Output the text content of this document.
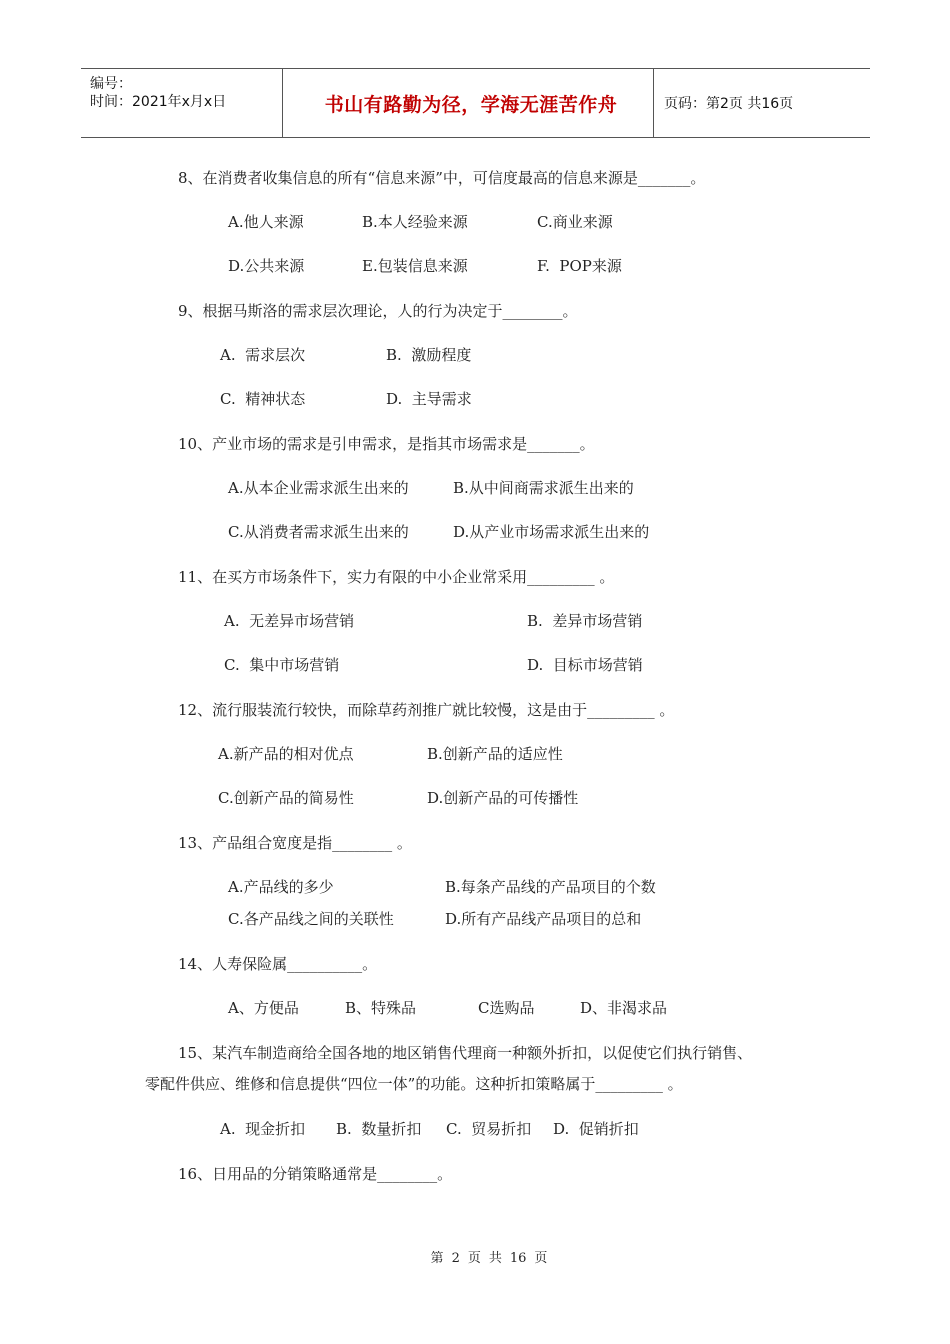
编号：
时间：2021年x月x日	书山有路勤为径，学海无涯苦作舟	页码：第2页 共16页
8、在消费者收集信息的所有“信息来源”中，可信度最高的信息来源是_______。
A.他人来源	B.本人经验来源	C.商业来源
D.公共来源	E.包装信息来源	F.  POP来源
9、根据马斯洛的需求层次理论，人的行为决定于________。
A.  需求层次	B.  激励程度
C.  精神状态	D.  主导需求
10、产业市场的需求是引申需求，是指其市场需求是_______。
A.从本企业需求派生出来的	B.从中间商需求派生出来的
C.从消费者需求派生出来的	D.从产业市场需求派生出来的
11、在买方市场条件下，实力有限的中小企业常采用_________ 。
A.  无差异市场营销	B.  差异市场营销
C.  集中市场营销	D.  目标市场营销
12、流行服装流行较快，而除草药剂推广就比较慢，这是由于_________ 。
A.新产品的相对优点	B.创新产品的适应性
C.创新产品的简易性	D.创新产品的可传播性
13、产品组合宽度是指________ 。
A.产品线的多少	B.每条产品线的产品项目的个数
C.各产品线之间的关联性	D.所有产品线产品项目的总和
14、人寿保险属__________。
A、方便品	B、特殊品	C选购品	D、非渴求品
15、某汽车制造商给全国各地的地区销售代理商一种额外折扣，以促使它们执行销售、
零配件供应、维修和信息提供“四位一体”的功能。这种折扣策略属于_________ 。
A.  现金折扣 B.  数量折扣 C.  贸易折扣 D.  促销折扣
16、日用品的分销策略通常是________。
第 2 页 共 16 页
